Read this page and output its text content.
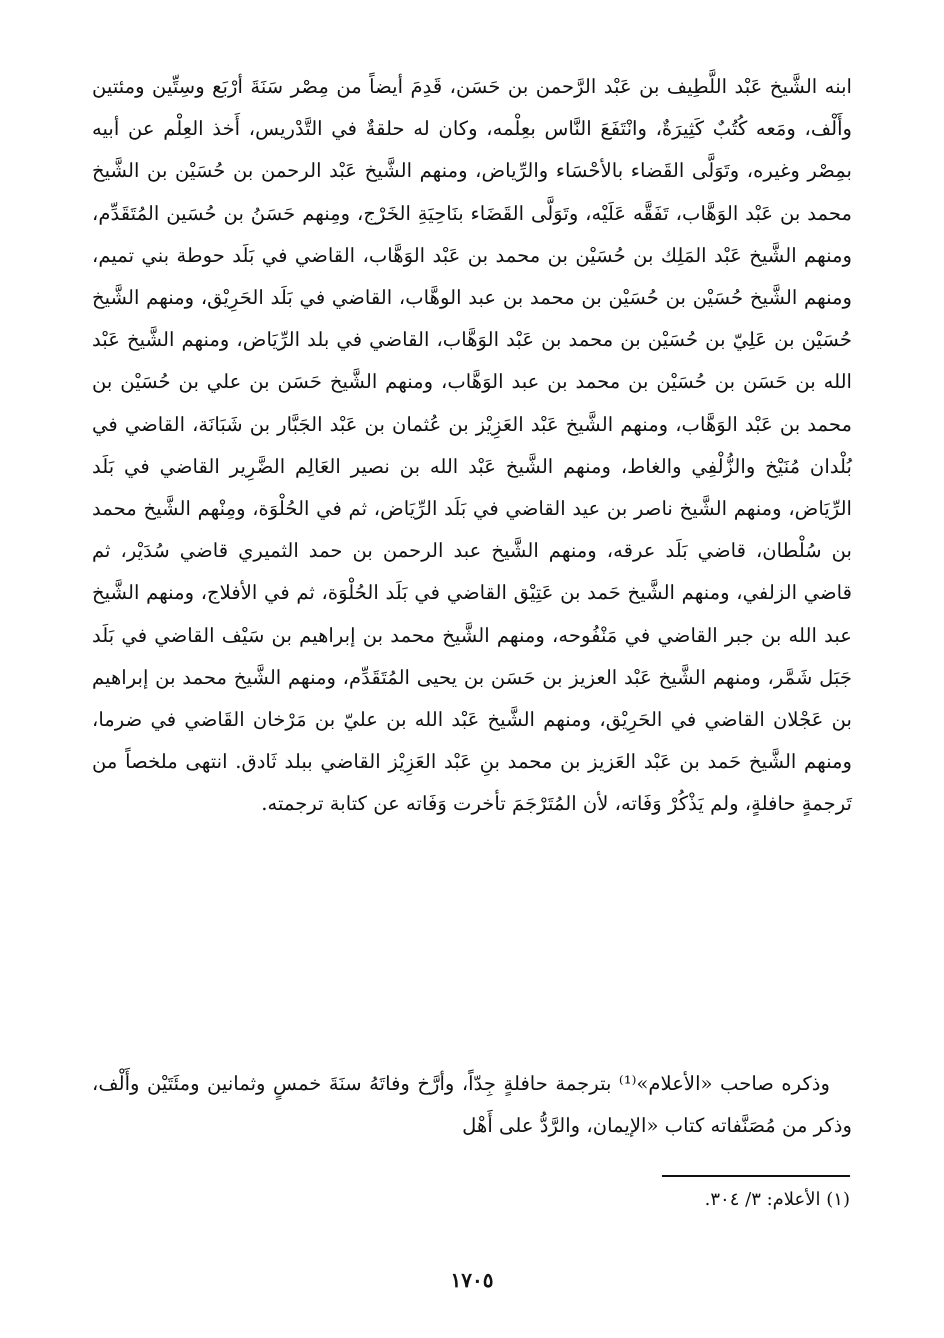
ابنه الشَّيخ عَبْد اللَّطِيف بن عَبْد الرَّحمن بن حَسَن، قَدِمَ أيضاً من مِصْر سَنَةَ أرْبَع وسِتِّين ومئتين وأَلْف، ومَعه كُتُبٌ كَثِيرَةٌ، وانْتَفَعَ النَّاس بعِلْمه، وكان له حلقةٌ في التَّدْريس، أَخذ العِلْم عن أبيه بمِصْر وغيره، وتَوَلَّى القَضاء بالأحْسَاء والرِّياض، ومنهم الشَّيخ عَبْد الرحمن بن حُسَيْن بن الشَّيخ محمد بن عَبْد الوَهَّاب، تَفَقَّه عَلَيْه، وتَوَلَّى القَضَاء بنَاحِيَةِ الخَرْج، ومِنهم حَسَنُ بن حُسَين المُتَقَدِّم، ومنهم الشَّيخ عَبْد المَلِك بن حُسَيْن بن محمد بن عَبْد الوَهَّاب، القاضي في بَلَد حوطة بني تميم، ومنهم الشَّيخ حُسَيْن بن حُسَيْن بن محمد بن عبد الوهَّاب، القاضي في بَلَد الحَرِيْق، ومنهم الشَّيخ حُسَيْن بن عَلِيّ بن حُسَيْن بن محمد بن عَبْد الوَهَّاب، القاضي في بلد الرِّيَاض، ومنهم الشَّيخ عَبْد الله بن حَسَن بن حُسَيْن بن محمد بن عبد الوَهَّاب، ومنهم الشَّيخ حَسَن بن علي بن حُسَيْن بن محمد بن عَبْد الوَهَّاب، ومنهم الشَّيخ عَبْد العَزِيْز بن عُثمان بن عَبْد الجَبَّار بن شَبَانَة، القاضي في بُلْدان مُنَيْخ والزُّلْفِي والغاط، ومنهم الشَّيخ عَبْد الله بن نصير العَالِم الضَّرِير القاضي في بَلَد الرِّيَاض، ومنهم الشَّيخ ناصر بن عيد القاضي في بَلَد الرِّيَاض، ثم في الحُلْوَة، ومِنْهم الشَّيخ محمد بن سُلْطان، قاضي بَلَد عرقه، ومنهم الشَّيخ عبد الرحمن بن حمد الثميري قاضي سُدَيْر، ثم قاضي الزلفي، ومنهم الشَّيخ حَمد بن عَتِيْق القاضي في بَلَد الحُلْوَة، ثم في الأفلاج، ومنهم الشَّيخ عبد الله بن جبر القاضي في مَنْفُوحه، ومنهم الشَّيخ محمد بن إبراهيم بن سَيْف القاضي في بَلَد جَبَل شَمَّر، ومنهم الشَّيخ عَبْد العزيز بن حَسَن بن يحيى المُتَقَدِّم، ومنهم الشَّيخ محمد بن إبراهيم بن عَجْلان القاضي في الحَرِيْق، ومنهم الشَّيخ عَبْد الله بن عليّ بن مَرْخان القَاضي في ضرما، ومنهم الشَّيخ حَمد بن عَبْد العَزيز بن محمد بنِ عَبْد العَزِيْز القاضي ببلد ثَادق. انتهى ملخصاً من تَرجمةٍ حافلةٍ، ولم يَذْكُرْ وَفَاته، لأن المُتَرْجَمَ تأخرت وَفَاته عن كتابة ترجمته.

وذكره صاحب «الأعلام»⁽¹⁾ بترجمة حافلةٍ جِدّاً، وأرَّخ وفاتَهُ سنَةَ خمسٍ وثمانين ومئَتَيْن وأَلْف، وذكر من مُصَنَّفاته كتاب «الإيمان، والرَّدُّ على أَهْل
(١) الأعلام: ٣/ ٣٠٤.
١٧٠٥
